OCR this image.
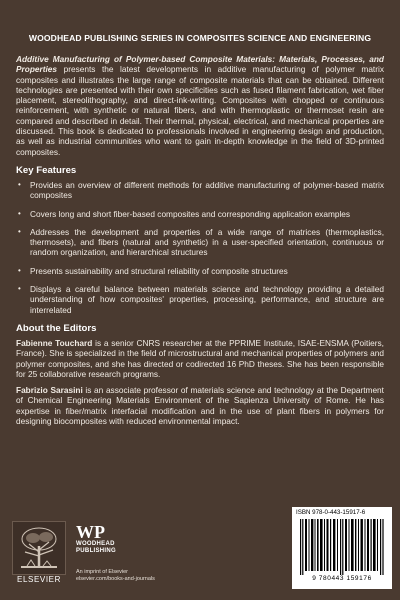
WOODHEAD PUBLISHING SERIES IN COMPOSITES SCIENCE AND ENGINEERING

Additive Manufacturing of Polymer-based Composite Materials: Materials, Processes, and Properties presents the latest developments in additive manufacturing of polymer matrix composites and illustrates the large range of composite materials that can be obtained. Different technologies are presented with their own specificities such as fused filament fabrication, wet fiber placement, stereolithography, and direct-ink-writing. Composites with chopped or continuous reinforcement, with synthetic or natural fibers, and with thermoplastic or thermoset resin are compared and described in detail. Their thermal, physical, electrical, and mechanical properties are discussed. This book is dedicated to professionals involved in engineering design and production, as well as industrial communities who want to gain in-depth knowledge in the field of 3D-printed composites.

Key Features
• Provides an overview of different methods for additive manufacturing of polymer-based matrix composites
• Covers long and short fiber-based composites and corresponding application examples
• Addresses the development and properties of a wide range of matrices (thermoplastics, thermosets), and fibers (natural and synthetic) in a user-specified orientation, continuous or random organization, and hierarchical structures
• Presents sustainability and structural reliability of composite structures
• Displays a careful balance between materials science and technology providing a detailed understanding of how composites' properties, processing, performance, and structure are interrelated
About the Editors

Fabienne Touchard is a senior CNRS researcher at the PPRIME Institute, ISAE-ENSMA (Poitiers, France). She is specialized in the field of microstructural and mechanical properties of polymers and polymer composites, and she has directed or codirected 16 PhD theses. She has been responsible for 25 collaborative research programs.

Fabrizio Sarasini is an associate professor of materials science and technology at the Department of Chemical Engineering Materials Environment of the Sapienza University of Rome. He has expertise in fiber/matrix interfacial modification and in the use of plant fibers in polymers for designing biocomposites with reduced environmental impact.

ELSEVIER
WP
WOODHEAD
PUBLISHING
An imprint of Elsevier
elsevier.com/books-and-journals
ISBN 978-0-443-15917-6
9 780443 159176
